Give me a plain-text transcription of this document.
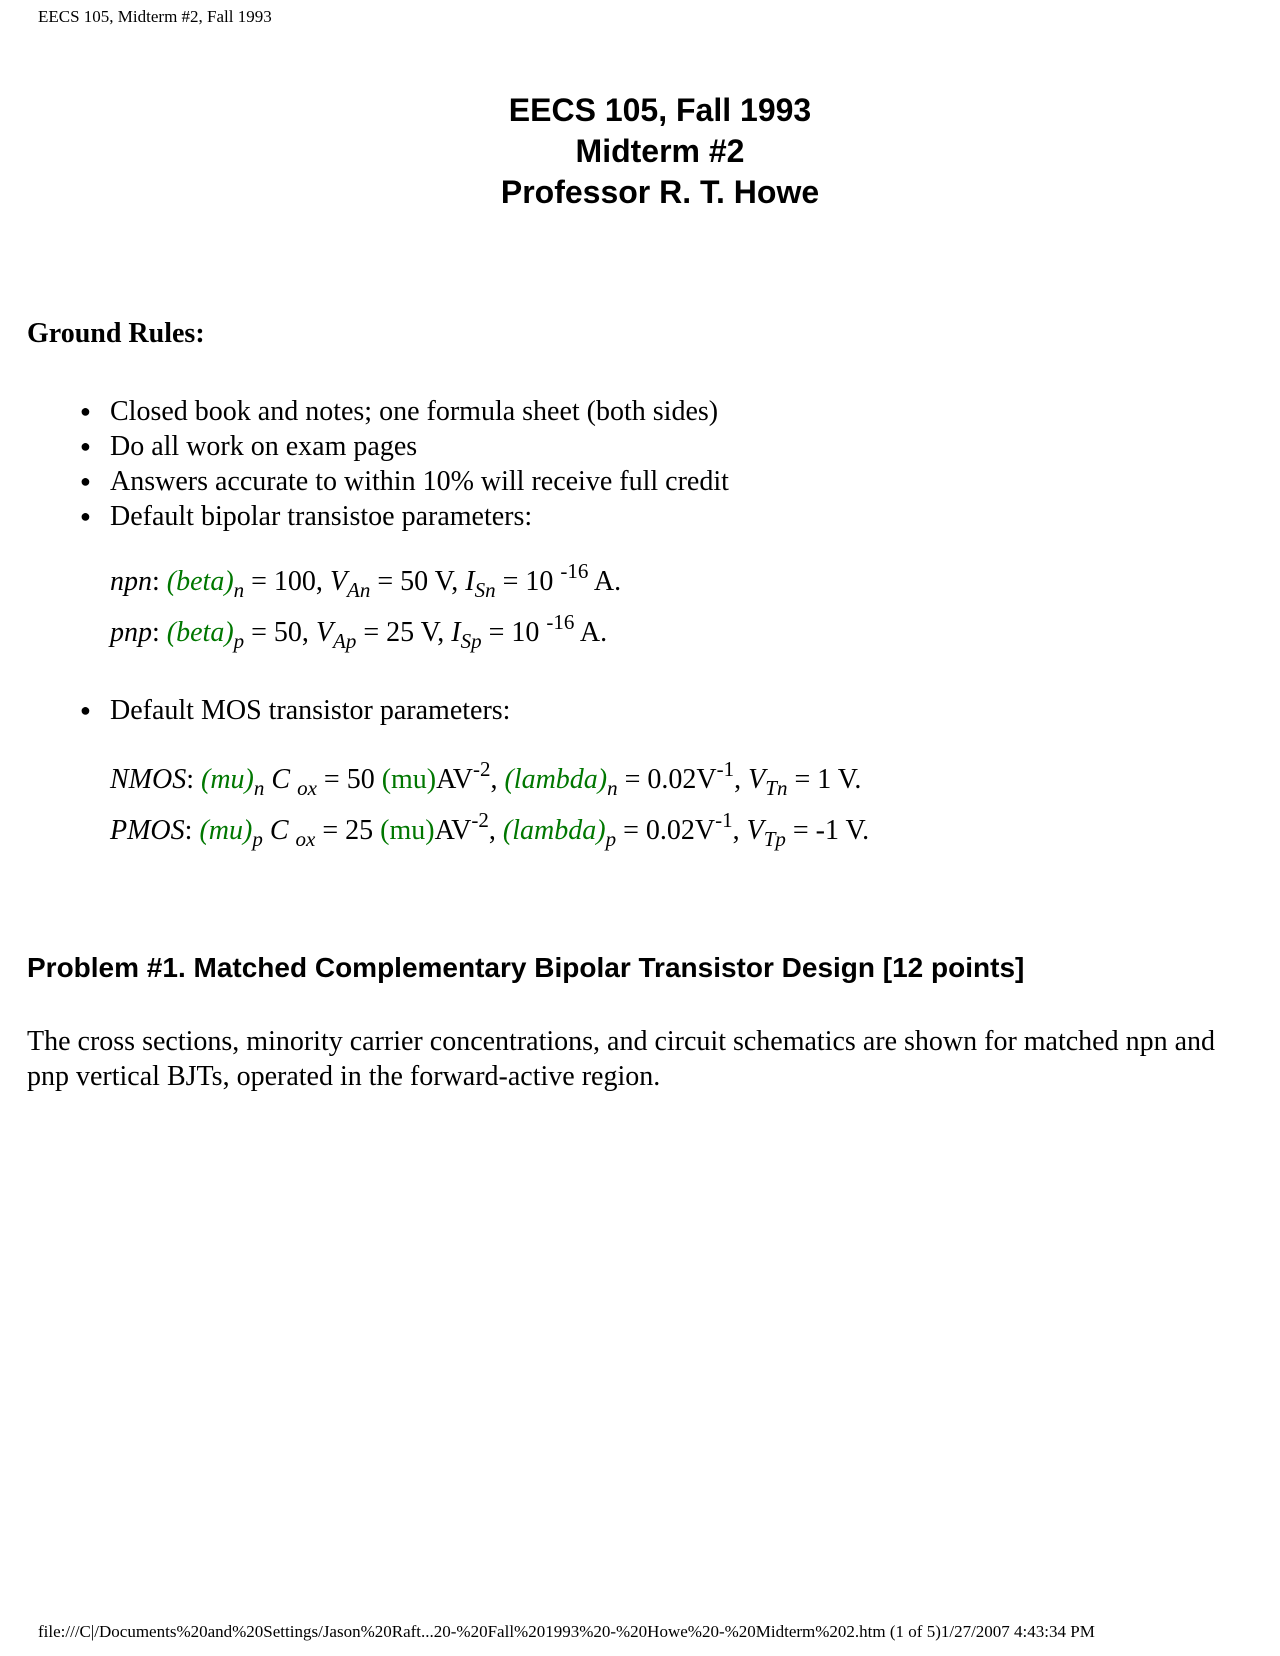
EECS 105, Midterm #2, Fall 1993
EECS 105, Fall 1993
Midterm #2
Professor R. T. Howe
Ground Rules:
● Closed book and notes; one formula sheet (both sides)
● Do all work on exam pages
● Answers accurate to within 10% will receive full credit
● Default bipolar transistoe parameters:
npn: $(beta)_n = 100$, $V_{An} = 50$ V, $I_{Sn} = 10$ $^{-16}$ A.
pnp: $(beta)_p = 50$, $V_{Ap} = 25$ V, $I_{Sp} = 10$ $^{-16}$ A.
● Default MOS transistor parameters:
NMOS: $(mu)_n$ C $_{ox}$ = 50 $(mu)AV^{-2}$, $(lambda)_n = 0.02V^{-1}$, $V_{Tn} = 1$ V.
PMOS: $(mu)_p$ C $_{ox}$ = 25 $(mu)AV^{-2}$, $(lambda)_p = 0.02V^{-1}$, $V_{Tp} = -1$ V.
Problem #1. Matched Complementary Bipolar Transistor Design [12 points]
The cross sections, minority carrier concentrations, and circuit schematics are shown for matched npn and pnp vertical BJTs, operated in the forward-active region.
file:///C|/Documents%20and%20Settings/Jason%20Raft...20-%20Fall%201993%20-%20Howe%20-%20Midterm%202.htm (1 of 5)1/27/2007 4:43:34 PM
